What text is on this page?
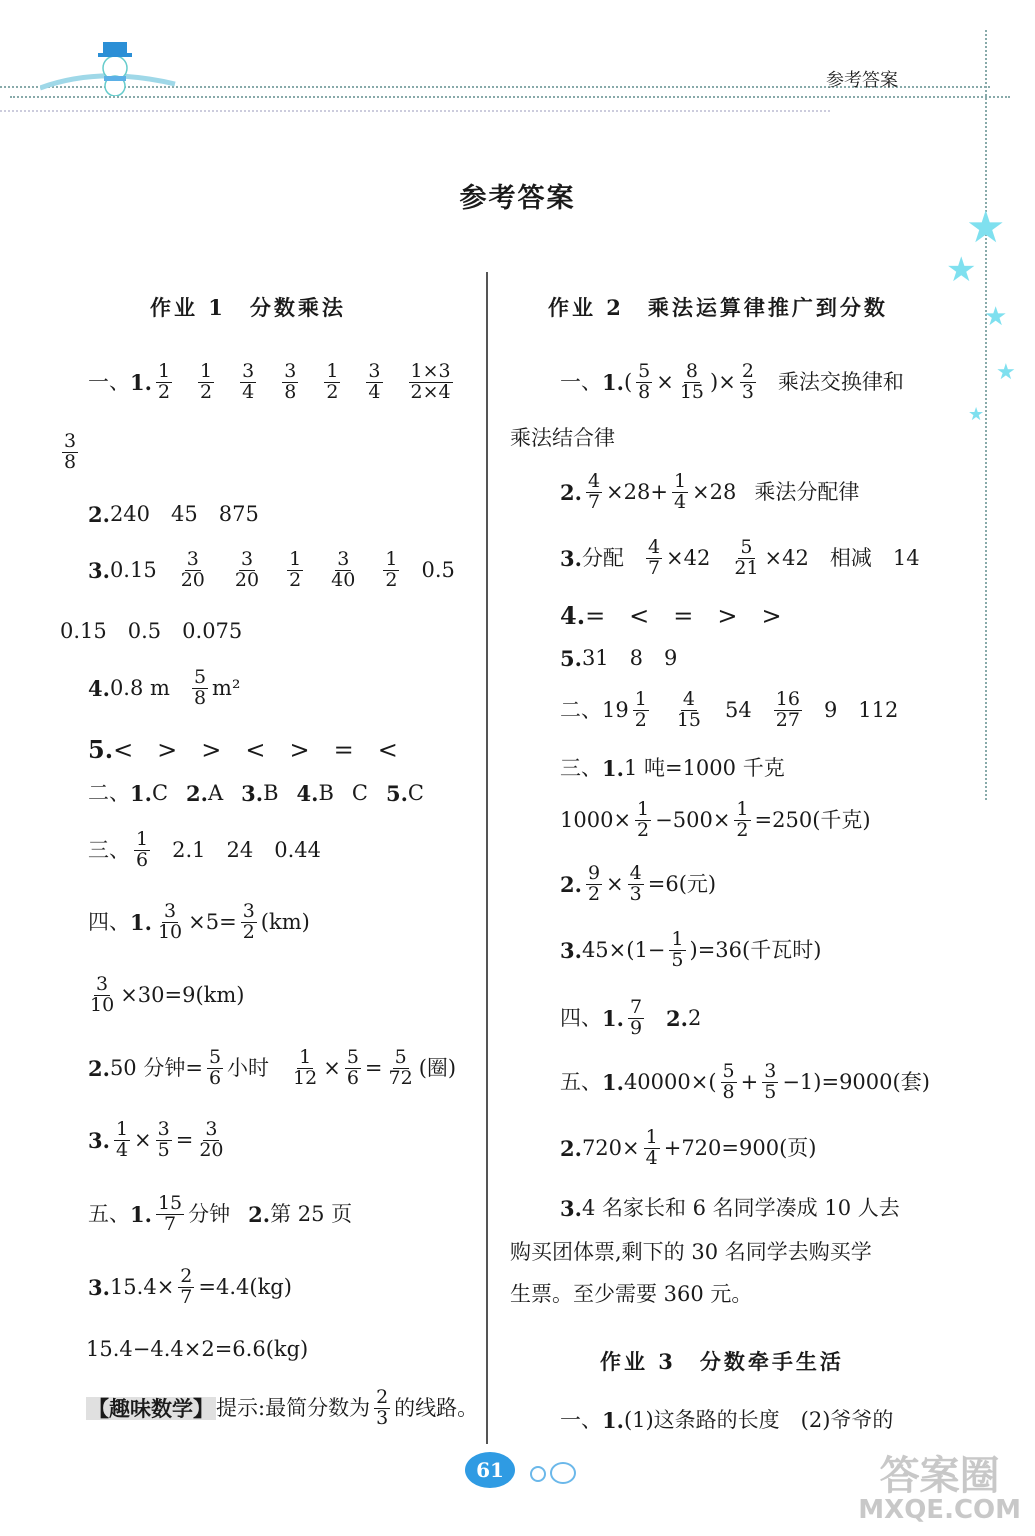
参考答案
★
★
★
★
★
参考答案
作业 1　分数乘法
一、 1. $\frac{1}{2} \frac{1}{2} \frac{3}{4} \frac{3}{8} \frac{1}{2} \frac{3}{4} \frac{1\times 3}{2\times 4}$
$\frac{3}{8}$
2. 240　45　875
3. $0.15 \frac{3}{20} \frac{3}{20} \frac{1}{2} \frac{3}{40} \frac{1}{2} 0.5$
0.15　0.5　0.075
4. 0.8 m $\frac{5}{8} m^2$
5. <　>　>　<　>　=　<
二、 1. C 2. A 3. B 4. B C 5. C
三、 $\frac{1}{6} 2.1$　24　0.44
四、 1. $\frac{3}{10} \times 5= \frac{3}{2} (km)$
$\frac{3}{10} \times 30=9(km)$
2. 50 分钟= $\frac{5}{6}$ 小时 $\frac{1}{12} \times \frac{5}{6} = \frac{5}{72}$ (圈)
3. $\frac{1}{4} \times \frac{3}{5} = \frac{3}{20}$
五、 1. $\frac{15}{7}$ 分钟 2. 第 25 页
3. $15.4\times \frac{2}{7} =4.4(kg)$
15.4−4.4×2=6.6(kg)
【趣味数学】 提示:最简分数为 $\frac{2}{3}$ 的线路。
作业 2　乘法运算律推广到分数
一、 1. ( $\frac{5}{8} \times \frac{8}{15}$ )× $\frac{2}{3}$ 乘法交换律和
乘法结合律
2. $\frac{4}{7} \times 28+ \frac{1}{4} \times 28$ 乘法分配律
3. 分配 $\frac{4}{7} \times 42 \frac{5}{21} \times 42$　相减　14
4. =　<　=　>　>
5. 31　8　9
二、 $19 \frac{1}{2} \frac{4}{15} 54 \frac{16}{27} 9$　112
三、 1. 1 吨=1000 千克
$1000\times \frac{1}{2} -500\times \frac{1}{2} =250$(千克)
2. $\frac{9}{2} \times \frac{4}{3} =6$(元)
3. $45\times(1- \frac{1}{5} )=36$(千瓦时)
四、 1. $\frac{7}{9} 2$. 2
五、 1. $40000\times( \frac{5}{8} + \frac{3}{5} -1)=9000$(套)
2. $720\times \frac{1}{4} +720=900$(页)
3. 4 名家长和 6 名同学凑成 10 人去
购买团体票,剩下的 30 名同学去购买学
生票。至少需要 360 元。
作业 3　分数牵手生活
一、 1. (1)这条路的长度　(2)爷爷的
61	答案圈
MXQE.COM
